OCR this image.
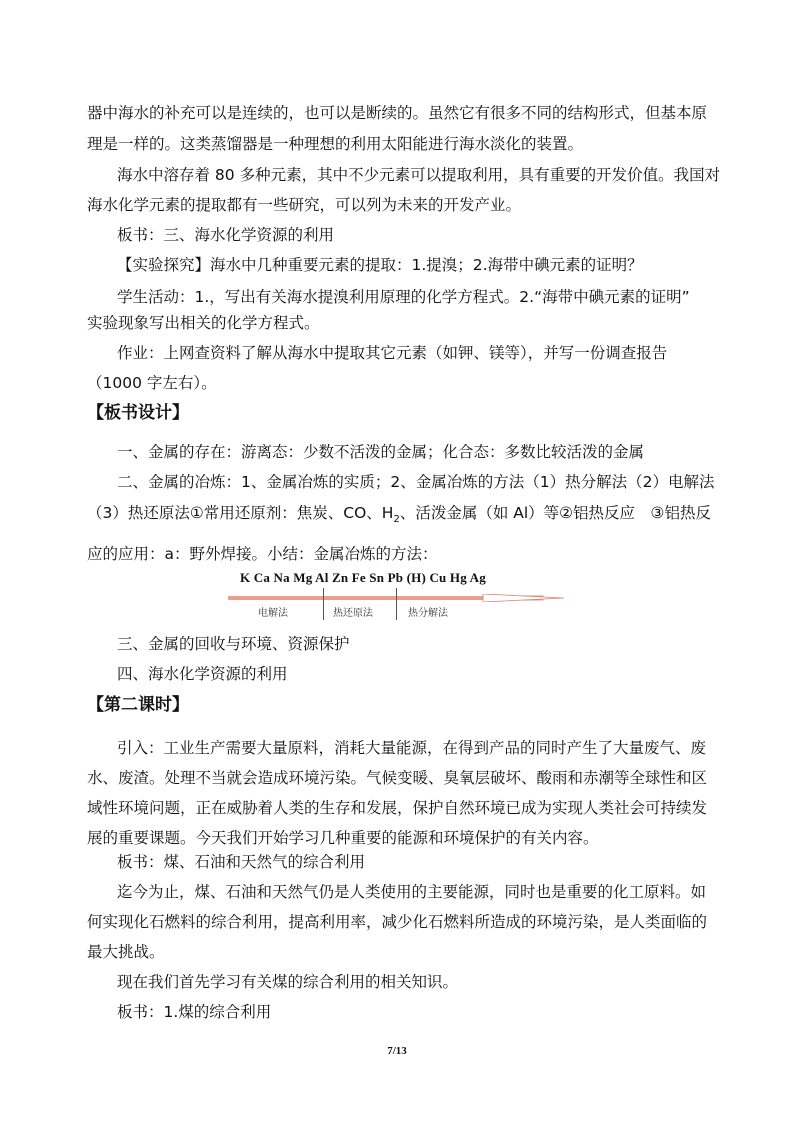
器中海水的补充可以是连续的，也可以是断续的。虽然它有很多不同的结构形式，但基本原
理是一样的。这类蒸馏器是一种理想的利用太阳能进行海水淡化的装置。
海水中溶存着 80 多种元素，其中不少元素可以提取利用，具有重要的开发价值。我国对
海水化学元素的提取都有一些研究，可以列为未来的开发产业。
板书：三、海水化学资源的利用
【实验探究】海水中几种重要元素的提取：1.提溴；2.海带中碘元素的证明？
学生活动：1.，写出有关海水提溴利用原理的化学方程式。2.“海带中碘元素的证明”
实验现象写出相关的化学方程式。
作业：上网查资料了解从海水中提取其它元素（如钾、镁等），并写一份调查报告
（1000 字左右）。
【板书设计】
一、金属的存在：游离态：少数不活泼的金属；化合态：多数比较活泼的金属
二、金属的冶炼：1、金属冶炼的实质；2、金属冶炼的方法（1）热分解法（2）电解法
（3）热还原法①常用还原剂：焦炭、CO、$H_2$、活泼金属（如 Al）等②铝热反应　③铝热反
应的应用：a：野外焊接。小结：金属冶炼的方法：
K Ca Na Mg Al Zn Fe Sn Pb (H) Cu Hg Ag
电解法	热还原法	热分解法
三、金属的回收与环境、资源保护
四、海水化学资源的利用
【第二课时】
引入：工业生产需要大量原料，消耗大量能源，在得到产品的同时产生了大量废气、废
水、废渣。处理不当就会造成环境污染。气候变暖、臭氧层破坏、酸雨和赤潮等全球性和区
域性环境问题，正在威胁着人类的生存和发展，保护自然环境已成为实现人类社会可持续发
展的重要课题。今天我们开始学习几种重要的能源和环境保护的有关内容。
板书：煤、石油和天然气的综合利用
迄今为止，煤、石油和天然气仍是人类使用的主要能源，同时也是重要的化工原料。如
何实现化石燃料的综合利用，提高利用率，减少化石燃料所造成的环境污染，是人类面临的
最大挑战。
现在我们首先学习有关煤的综合利用的相关知识。
板书：1.煤的综合利用
7/13
